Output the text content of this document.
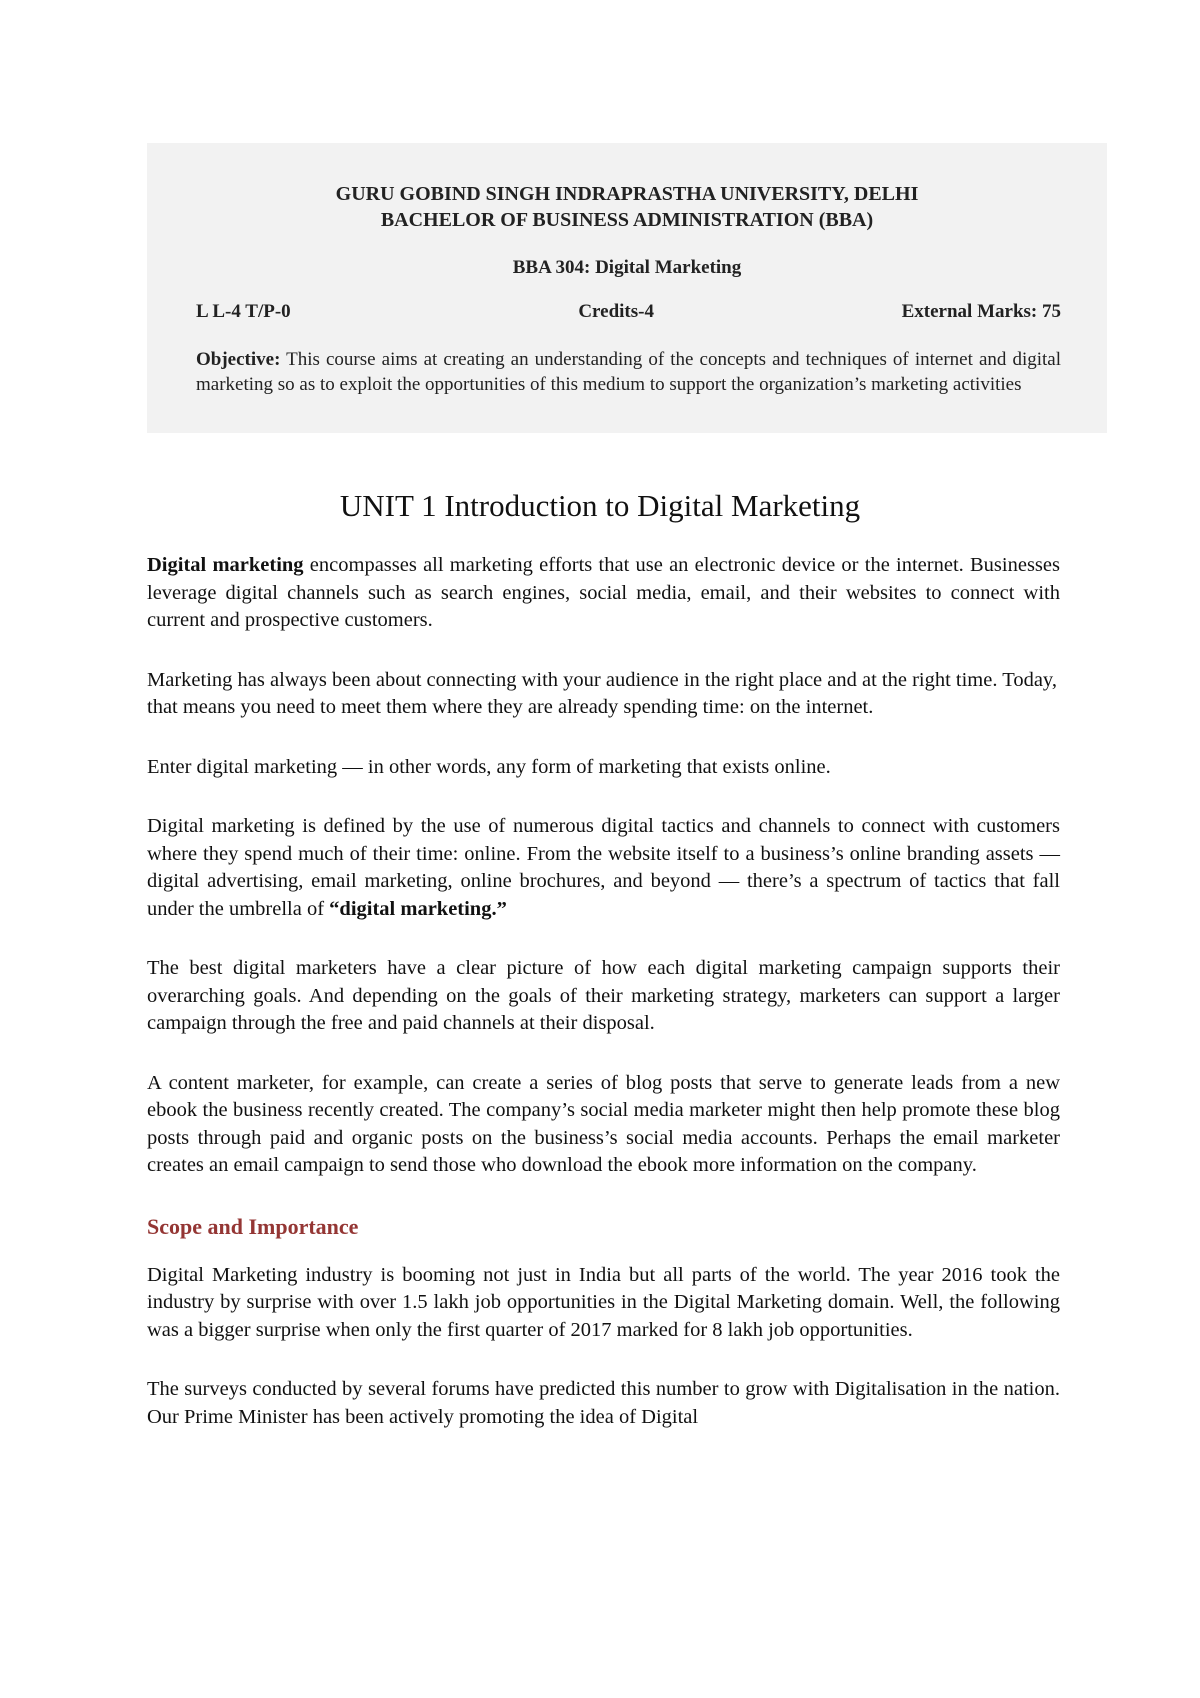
GURU GOBIND SINGH INDRAPRASTHA UNIVERSITY, DELHI
BACHELOR OF BUSINESS ADMINISTRATION (BBA)
BBA 304: Digital Marketing
L L-4 T/P-0	Credits-4	External Marks: 75
Objective: This course aims at creating an understanding of the concepts and techniques of internet and digital marketing so as to exploit the opportunities of this medium to support the organization’s marketing activities
UNIT 1 Introduction to Digital Marketing

Digital marketing encompasses all marketing efforts that use an electronic device or the internet. Businesses leverage digital channels such as search engines, social media, email, and their websites to connect with current and prospective customers.

Marketing has always been about connecting with your audience in the right place and at the right time. Today, that means you need to meet them where they are already spending time: on the internet.

Enter digital marketing — in other words, any form of marketing that exists online.

Digital marketing is defined by the use of numerous digital tactics and channels to connect with customers where they spend much of their time: online. From the website itself to a business’s online branding assets — digital advertising, email marketing, online brochures, and beyond — there’s a spectrum of tactics that fall under the umbrella of “digital marketing.”

The best digital marketers have a clear picture of how each digital marketing campaign supports their overarching goals. And depending on the goals of their marketing strategy, marketers can support a larger campaign through the free and paid channels at their disposal.

A content marketer, for example, can create a series of blog posts that serve to generate leads from a new ebook the business recently created. The company’s social media marketer might then help promote these blog posts through paid and organic posts on the business’s social media accounts. Perhaps the email marketer creates an email campaign to send those who download the ebook more information on the company.

Scope and Importance

Digital Marketing industry is booming not just in India but all parts of the world. The year 2016 took the industry by surprise with over 1.5 lakh job opportunities in the Digital Marketing domain. Well, the following was a bigger surprise when only the first quarter of 2017 marked for 8 lakh job opportunities.

The surveys conducted by several forums have predicted this number to grow with Digitalisation in the nation. Our Prime Minister has been actively promoting the idea of Digital
